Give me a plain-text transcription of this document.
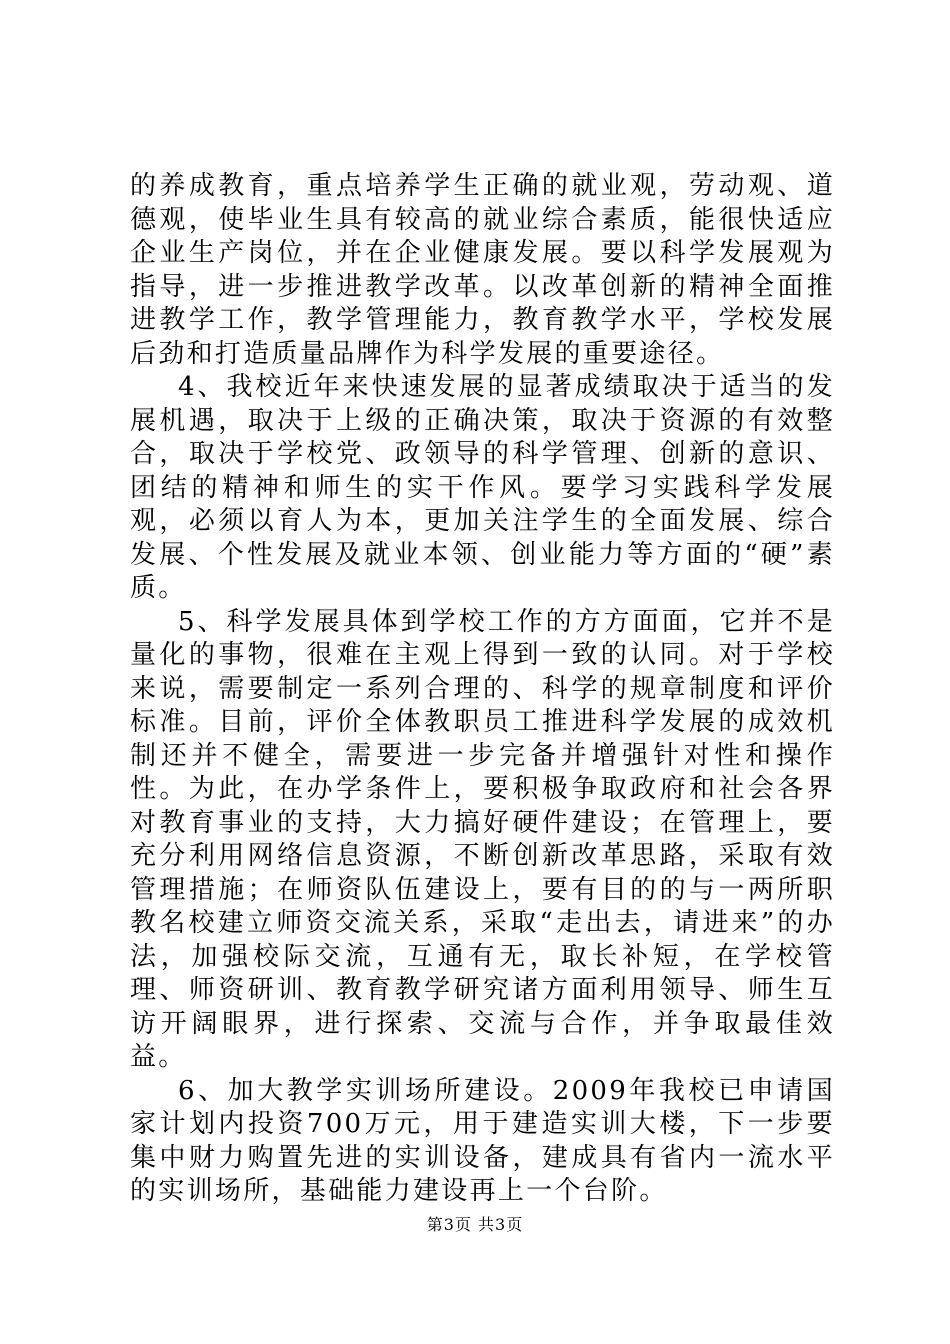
的养成教育，重点培养学生正确的就业观，劳动观、道德观，使毕业生具有较高的就业综合素质，能很快适应企业生产岗位，并在企业健康发展。要以科学发展观为指导，进一步推进教学改革。以改革创新的精神全面推进教学工作，教学管理能力，教育教学水平，学校发展后劲和打造质量品牌作为科学发展的重要途径。

4、我校近年来快速发展的显著成绩取决于适当的发展机遇，取决于上级的正确决策，取决于资源的有效整合，取决于学校党、政领导的科学管理、创新的意识、团结的精神和师生的实干作风。要学习实践科学发展观，必须以育人为本，更加关注学生的全面发展、综合发展、个性发展及就业本领、创业能力等方面的“硬”素质。

5、科学发展具体到学校工作的方方面面，它并不是量化的事物，很难在主观上得到一致的认同。对于学校来说，需要制定一系列合理的、科学的规章制度和评价标准。目前，评价全体教职员工推进科学发展的成效机制还并不健全，需要进一步完备并增强针对性和操作性。为此，在办学条件上，要积极争取政府和社会各界对教育事业的支持，大力搞好硬件建设；在管理上，要充分利用网络信息资源，不断创新改革思路，采取有效管理措施；在师资队伍建设上，要有目的的与一两所职教名校建立师资交流关系，采取“走出去，请进来”的办法，加强校际交流，互通有无，取长补短，在学校管理、师资研训、教育教学研究诸方面利用领导、师生互访开阔眼界，进行探索、交流与合作，并争取最佳效益。

6、加大教学实训场所建设。2009年我校已申请国家计划内投资700万元，用于建造实训大楼，下一步要集中财力购置先进的实训设备，建成具有省内一流水平的实训场所，基础能力建设再上一个台阶。

第3页 共3页
